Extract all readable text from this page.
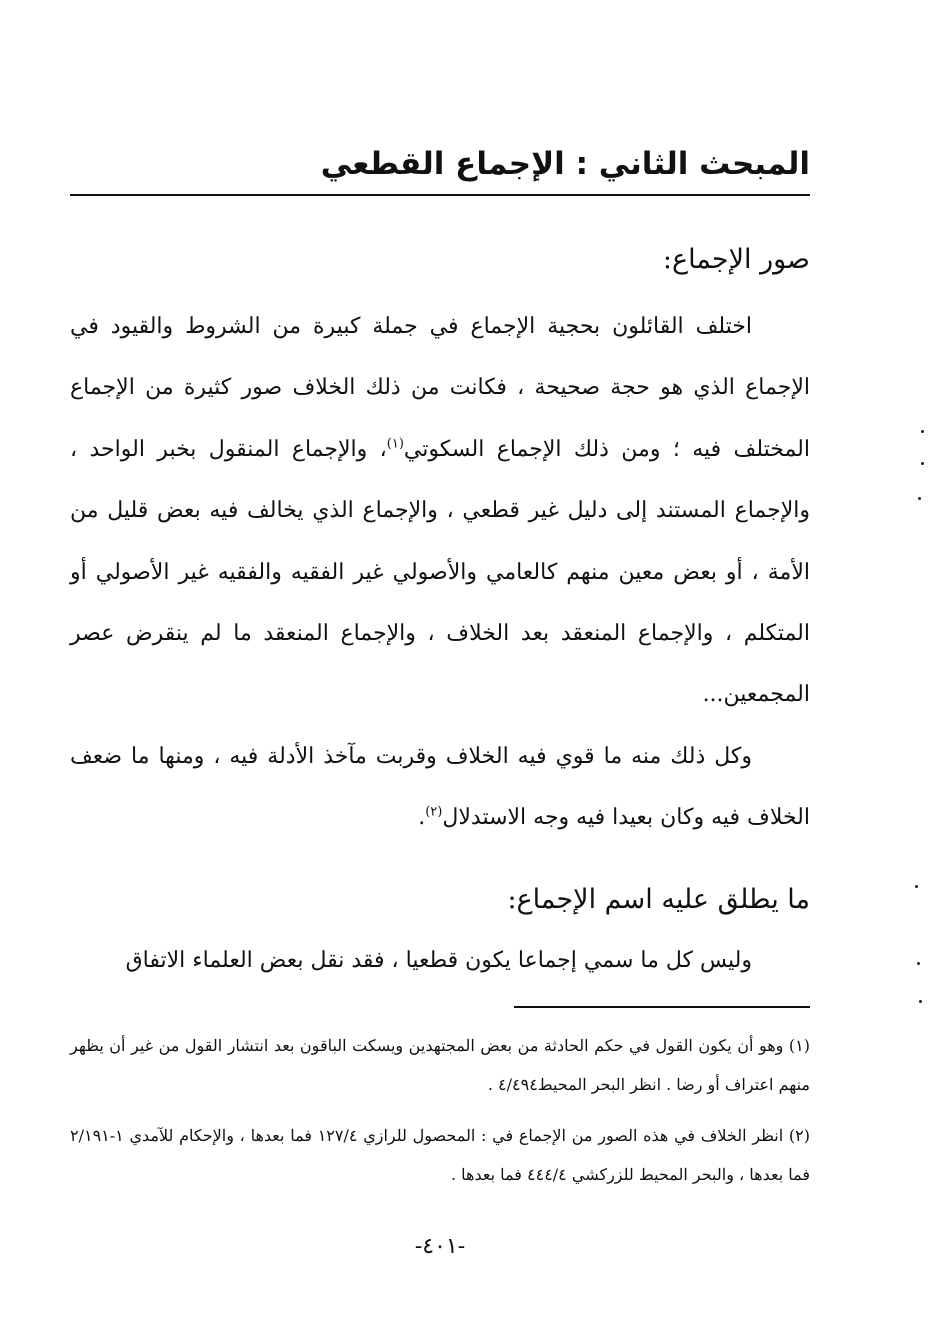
المبحث الثاني : الإجماع القطعي
صور الإجماع:
اختلف القائلون بحجية الإجماع في جملة كبيرة من الشروط والقيود في الإجماع الذي هو حجة صحيحة ، فكانت من ذلك الخلاف صور كثيرة من الإجماع المختلف فيه ؛ ومن ذلك الإجماع السكوتي$^{(١)}$، والإجماع المنقول بخبر الواحد ، والإجماع المستند إلى دليل غير قطعي ، والإجماع الذي يخالف فيه بعض قليل من الأمة ، أو بعض معين منهم كالعامي والأصولي غير الفقيه والفقيه غير الأصولي أو المتكلم ، والإجماع المنعقد بعد الخلاف ، والإجماع المنعقد ما لم ينقرض عصر المجمعين...
وكل ذلك منه ما قوي فيه الخلاف وقربت مآخذ الأدلة فيه ، ومنها ما ضعف الخلاف فيه وكان بعيدا فيه وجه الاستدلال$^{(٢)}$.
ما يطلق عليه اسم الإجماع:
وليس كل ما سمي إجماعا يكون قطعيا ، فقد نقل بعض العلماء الاتفاق
(١) وهو أن يكون القول في حكم الحادثة من بعض المجتهدين ويسكت الباقون بعد انتشار القول من غير أن يظهر منهم اعتراف أو رضا . انظر البحر المحيط٤/٤٩٤ .
(٢) انظر الخلاف في هذه الصور من الإجماع في : المحصول للرازي ١٢٧/٤ فما بعدها ، والإحكام للآمدي ١-٢/١٩١ فما بعدها ، والبحر المحيط للزركشي ٤٤٤/٤ فما بعدها .
-٤٠١-
